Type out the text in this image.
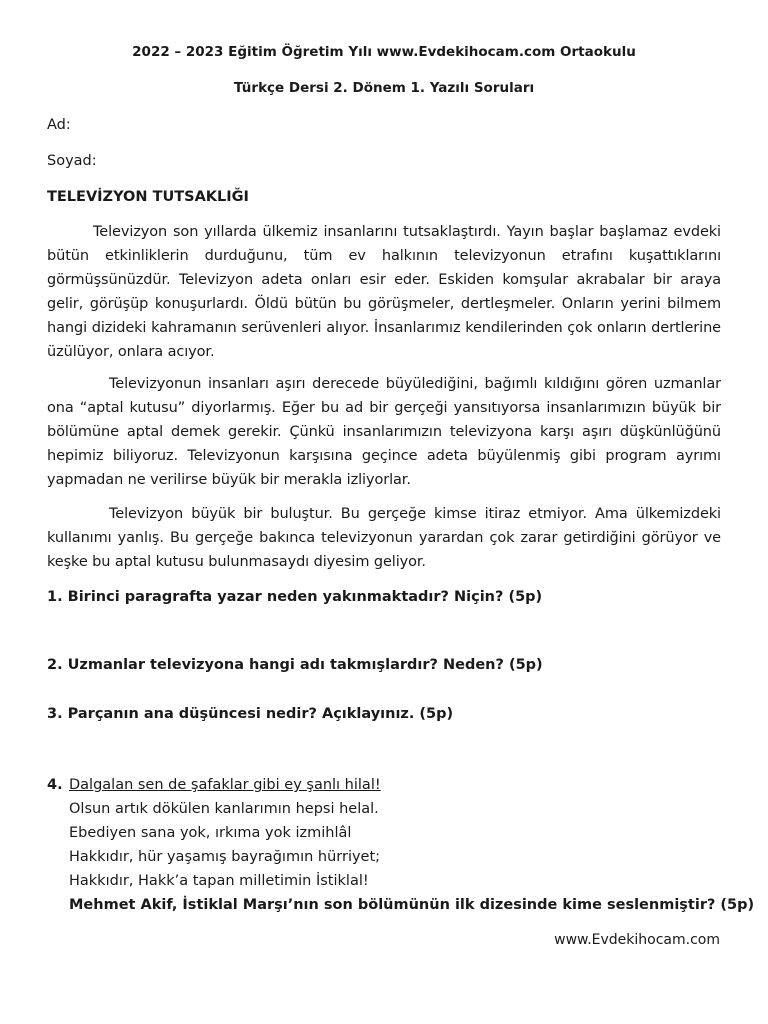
2022 – 2023 Eğitim Öğretim Yılı www.Evdekihocam.com Ortaokulu
Türkçe Dersi 2. Dönem 1. Yazılı Soruları
Ad:
Soyad:
TELEVİZYON TUTSAKLIĞI
Televizyon son yıllarda ülkemiz insanlarını tutsaklaştırdı. Yayın başlar başlamaz evdeki bütün etkinliklerin durduğunu, tüm ev halkının televizyonun etrafını kuşattıklarını görmüşsünüzdür. Televizyon adeta onları esir eder. Eskiden komşular akrabalar bir araya gelir, görüşüp konuşurlardı. Öldü bütün bu görüşmeler, dertleşmeler. Onların yerini bilmem hangi dizideki kahramanın serüvenleri alıyor. İnsanlarımız kendilerinden çok onların dertlerine üzülüyor, onlara acıyor.
Televizyonun insanları aşırı derecede büyülediğini, bağımlı kıldığını gören uzmanlar ona “aptal kutusu” diyorlarmış. Eğer bu ad bir gerçeği yansıtıyorsa insanlarımızın büyük bir bölümüne aptal demek gerekir. Çünkü insanlarımızın televizyona karşı aşırı düşkünlüğünü hepimiz biliyoruz. Televizyonun karşısına geçince adeta büyülenmiş gibi program ayrımı yapmadan ne verilirse büyük bir merakla izliyorlar.
Televizyon büyük bir buluştur. Bu gerçeğe kimse itiraz etmiyor. Ama ülkemizdeki kullanımı yanlış. Bu gerçeğe bakınca televizyonun yarardan çok zarar getirdiğini görüyor ve keşke bu aptal kutusu bulunmasaydı diyesim geliyor.
1. Birinci paragrafta yazar neden yakınmaktadır? Niçin? (5p)
2. Uzmanlar televizyona hangi adı takmışlardır? Neden? (5p)
3. Parçanın ana düşüncesi nedir? Açıklayınız. (5p)
4. Dalgalan sen de şafaklar gibi ey şanlı hilal!
Olsun artık dökülen kanlarımın hepsi helal.
Ebediyen sana yok, ırkıma yok izmihlâl
Hakkıdır, hür yaşamış bayrağımın hürriyet;
Hakkıdır, Hakk’a tapan milletimin İstiklal!
Mehmet Akif, İstiklal Marşı’nın son bölümünün ilk dizesinde kime seslenmiştir? (5p)
www.Evdekihocam.com
